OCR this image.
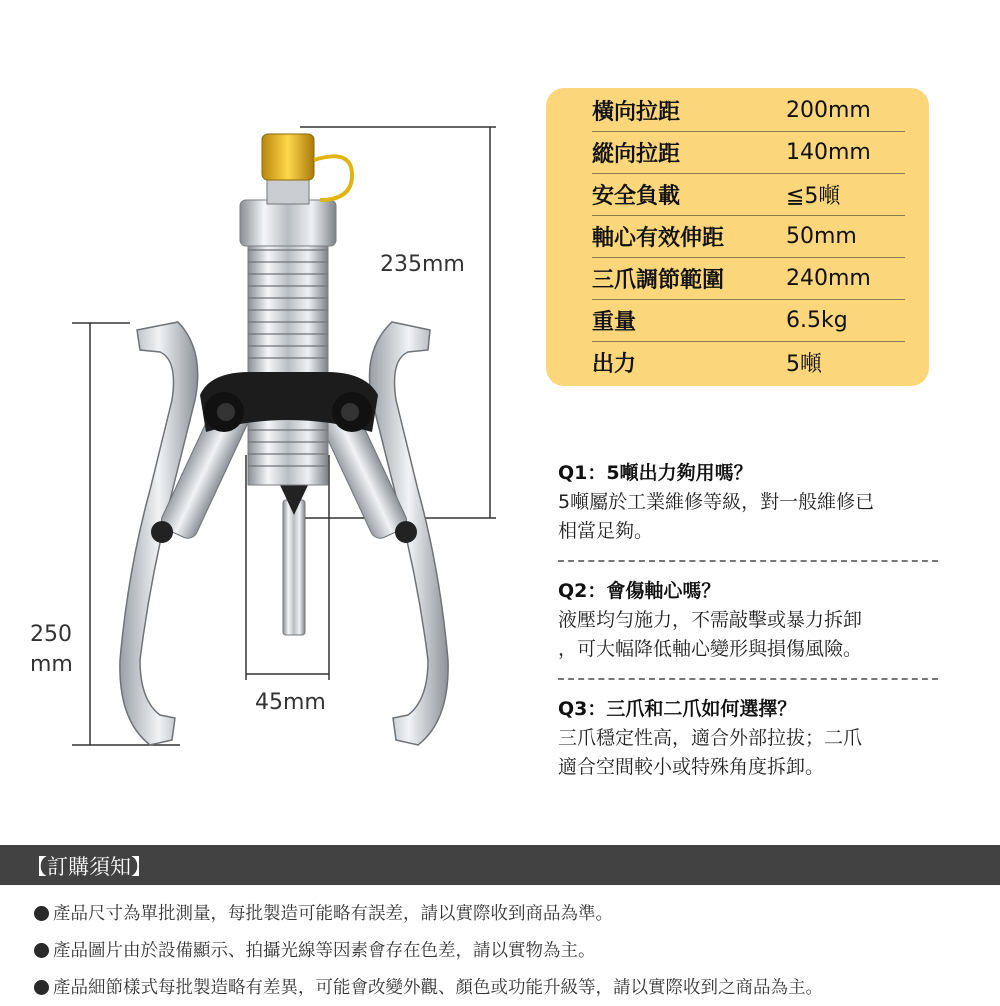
235mm
45mm
250
mm
橫向拉距	200mm
縱向拉距	140mm
安全負載	≦5噸
軸心有效伸距	50mm
三爪調節範圍	240mm
重量	6.5kg
出力	5噸
Q1：5噸出力夠用嗎？
5噸屬於工業維修等級，對一般維修已
相當足夠。
Q2：會傷軸心嗎？
液壓均勻施力，不需敲擊或暴力拆卸
，可大幅降低軸心變形與損傷風險。
Q3：三爪和二爪如何選擇？
三爪穩定性高，適合外部拉拔；二爪
適合空間較小或特殊角度拆卸。
【訂購須知】
產品尺寸為單批測量，每批製造可能略有誤差，請以實際收到商品為準。
產品圖片由於設備顯示、拍攝光線等因素會存在色差，請以實物為主。
產品細節樣式每批製造略有差異，可能會改變外觀、顏色或功能升級等，請以實際收到之商品為主。
